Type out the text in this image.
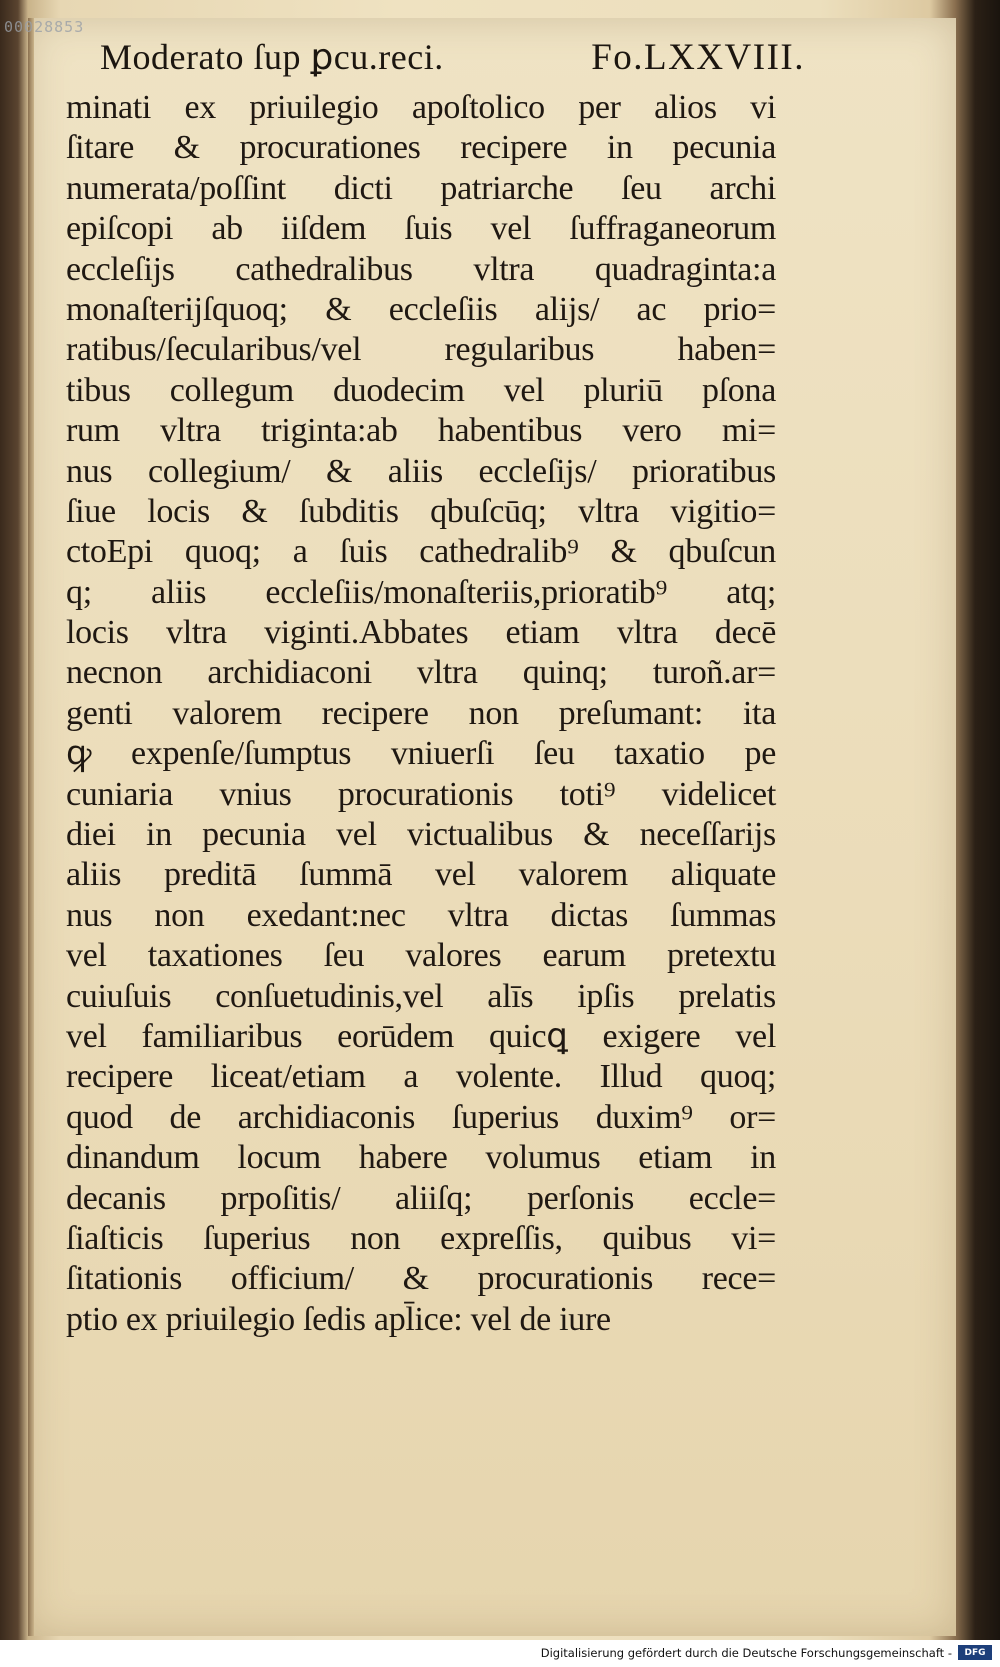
00028853
Moderato ſup ꝑcu.reci.	Fo.LXXVIII.
minati ex priuilegio apoſtolico per alios vi
ſitare & procurationes recipere in pecunia
numerata/poſſint dicti patriarche ſeu archi
epiſcopi ab iiſdem ſuis vel ſuffraganeorum
eccleſijs cathedralibus vltra quadraginta:a
monaſterijſquoq; & eccleſiis alijs/ ac prio=
ratibus/ſecularibus/vel regularibus haben=
tibus collegum duodecim vel pluriū pſona
rum vltra triginta:ab habentibus vero mi=
nus collegium/ & aliis eccleſijs/ prioratibus
ſiue locis & ſubditis qbuſcūq; vltra vigitio=
ctoEpi quoq; a ſuis cathedralib⁹ & qbuſcun
q; aliis eccleſiis/monaſteriis,prioratib⁹ atq;
locis vltra viginti.Abbates etiam vltra decē
necnon archidiaconi vltra quinq; turoñ.ar=
genti valorem recipere non preſumant: ita
ꝙ expenſe/ſumptus vniuerſi ſeu taxatio pe
cuniaria vnius procurationis toti⁹ videlicet
diei in pecunia vel victualibus & neceſſarijs
aliis preditā ſummā vel valorem aliquate
nus non exedant:nec vltra dictas ſummas
vel taxationes ſeu valores earum pretextu
cuiuſuis conſuetudinis,vel alīs ipſis prelatis
vel familiaribus eorūdem quicꝗ exigere vel
recipere liceat/etiam a volente. Illud quoq;
quod de archidiaconis ſuperius duxim⁹ or=
dinandum locum habere volumus etiam in
decanis prpoſitis/ aliiſq; perſonis eccle=
ſiaſticis ſuperius non expreſſis, quibus vi=
ſitationis officium/ & procurationis rece=
ptio ex priuilegio ſedis apl̄ice: vel de iure
Digitalisierung gefördert durch die Deutsche Forschungsgemeinschaft -	DFG
